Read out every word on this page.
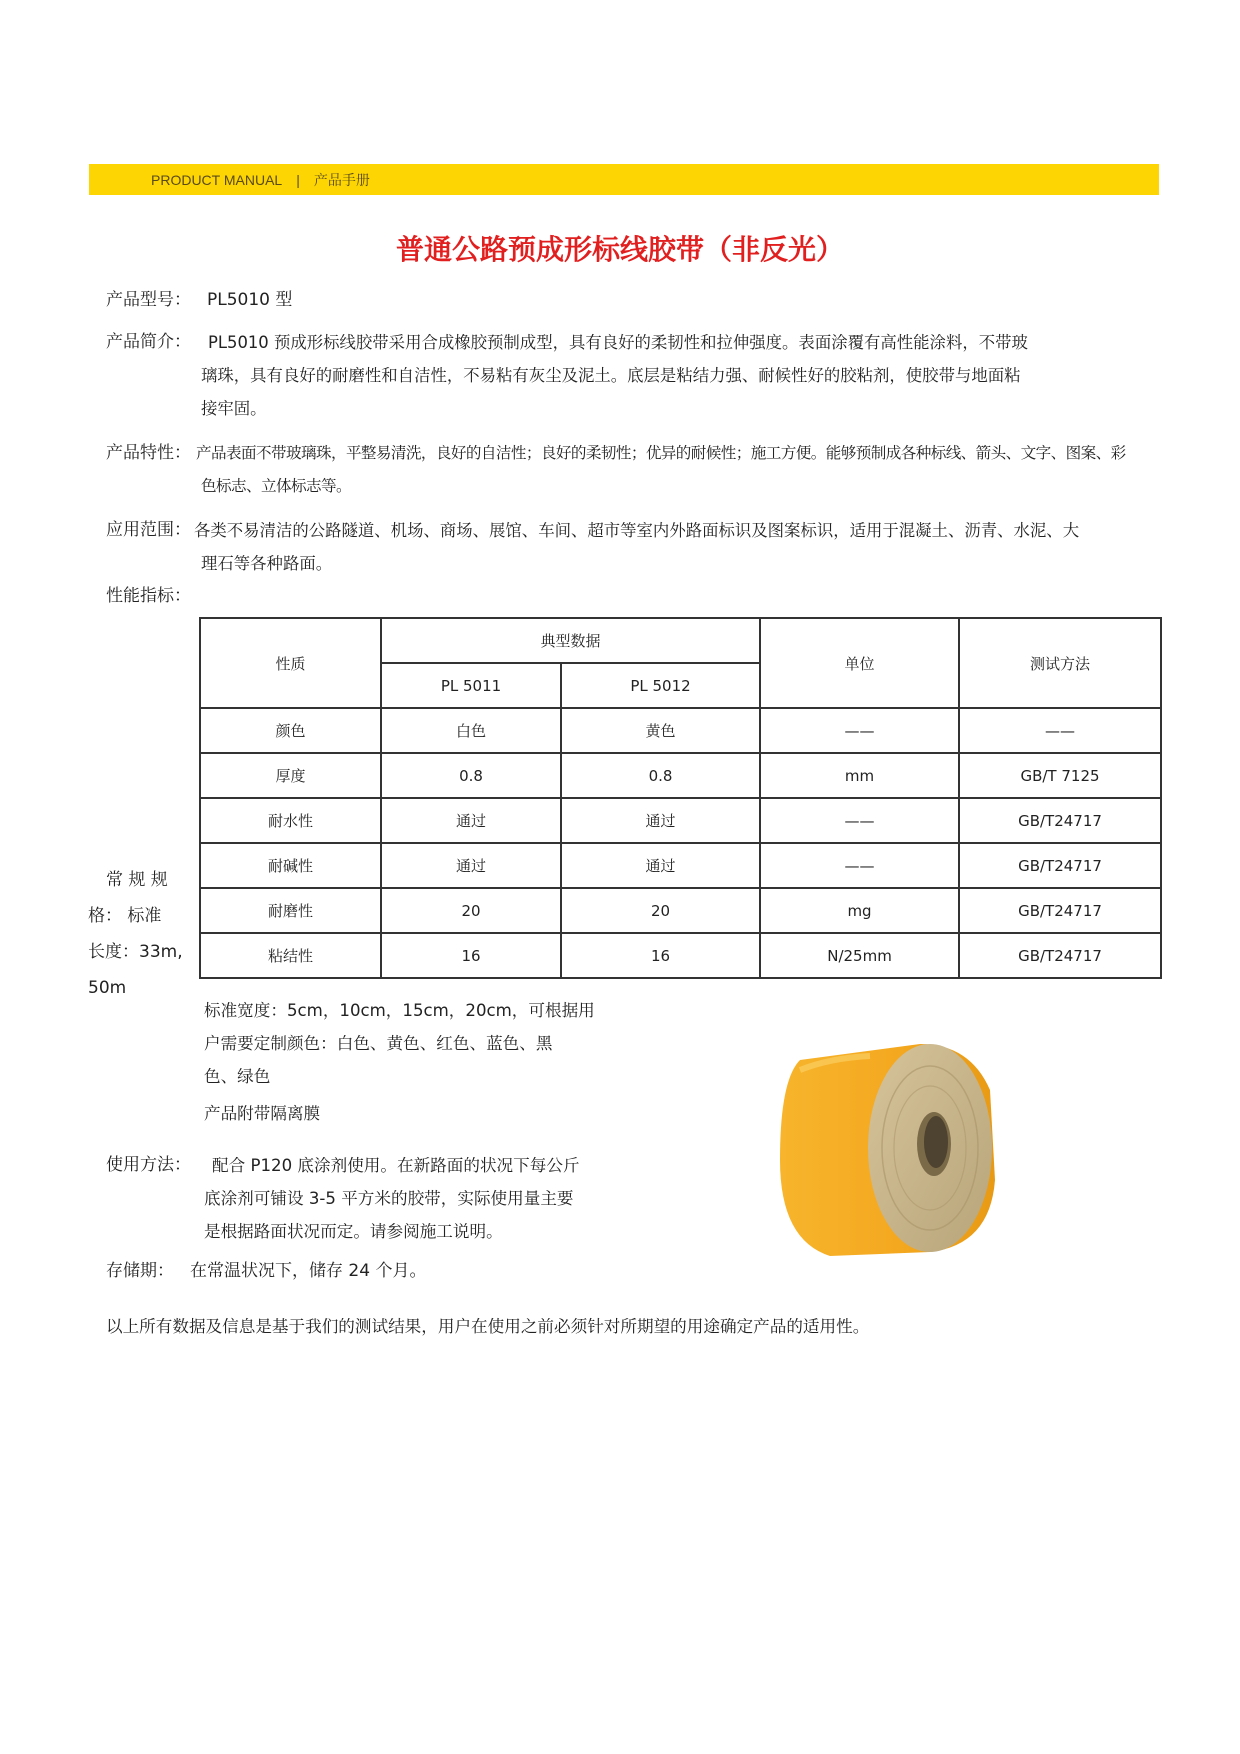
PRODUCT MANUAL | 产品手册
普通公路预成形标线胶带（非反光）
产品型号： PL5010 型
产品简介：	PL5010 预成形标线胶带采用合成橡胶预制成型，具有良好的柔韧性和拉伸强度。表面涂覆有高性能涂料，不带玻
璃珠，具有良好的耐磨性和自洁性，不易粘有灰尘及泥土。底层是粘结力强、耐候性好的胶粘剂，使胶带与地面粘
接牢固。
产品特性： 产品表面不带玻璃珠，平整易清洗，良好的自洁性；良好的柔韧性；优异的耐候性；施工方便。能够预制成各种标线、箭头、文字、图案、彩
色标志、立体标志等。
应用范围： 各类不易清洁的公路隧道、机场、商场、展馆、车间、超市等室内外路面标识及图案标识，适用于混凝土、沥青、水泥、大
理石等各种路面。
性能指标：
性质	典型数据		单位	测试方法
	PL 5011	PL 5012		
颜色	白色	黄色	——	——
厚度	0.8	0.8	mm	GB/T 7125
耐水性	通过	通过	——	GB/T24717
耐碱性	通过	通过	——	GB/T24717
耐磨性	20	20	mg	GB/T24717
粘结性	16	16	N/25mm	GB/T24717
常 规 规
格： 标准
长度：33m,
50m
标准宽度：5cm，10cm，15cm，20cm，可根据用
户需要定制颜色：白色、黄色、红色、蓝色、黑
色、绿色
产品附带隔离膜
使用方法：	配合 P120 底涂剂使用。在新路面的状况下每公斤
底涂剂可铺设 3-5 平方米的胶带，实际使用量主要
是根据路面状况而定。请参阅施工说明。
存储期： 在常温状况下，储存 24 个月。
以上所有数据及信息是基于我们的测试结果，用户在使用之前必须针对所期望的用途确定产品的适用性。
